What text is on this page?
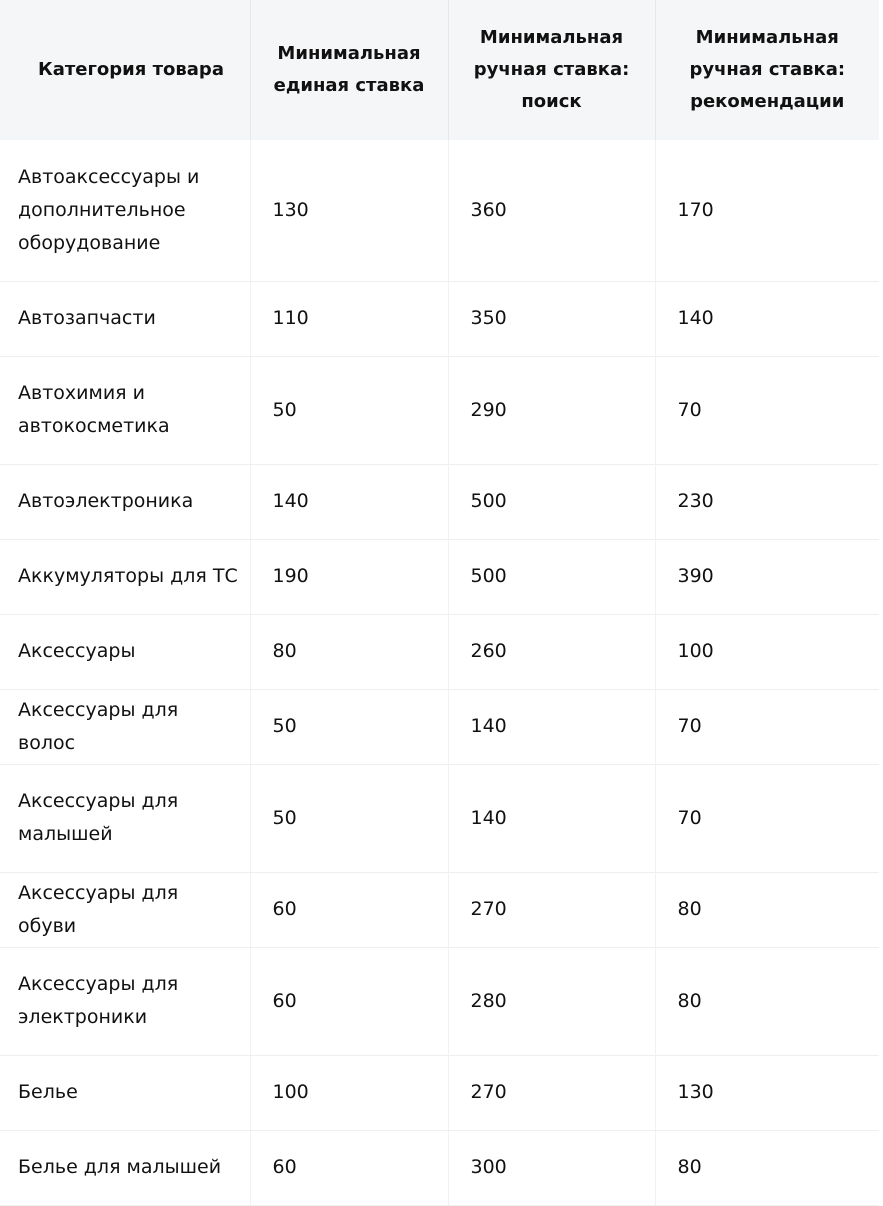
Категория товара	Минимальная единая ставка	Минимальная ручная ставка: поиск	Минимальная ручная ставка: рекомендации
Автоаксессуары и дополнительное оборудование	130	360	170
Автозапчасти	110	350	140
Автохимия и автокосметика	50	290	70
Автоэлектроника	140	500	230
Аккумуляторы для ТС	190	500	390
Аксессуары	80	260	100
Аксессуары для волос	50	140	70
Аксессуары для малышей	50	140	70
Аксессуары для обуви	60	270	80
Аксессуары для электроники	60	280	80
Белье	100	270	130
Белье для малышей	60	300	80
